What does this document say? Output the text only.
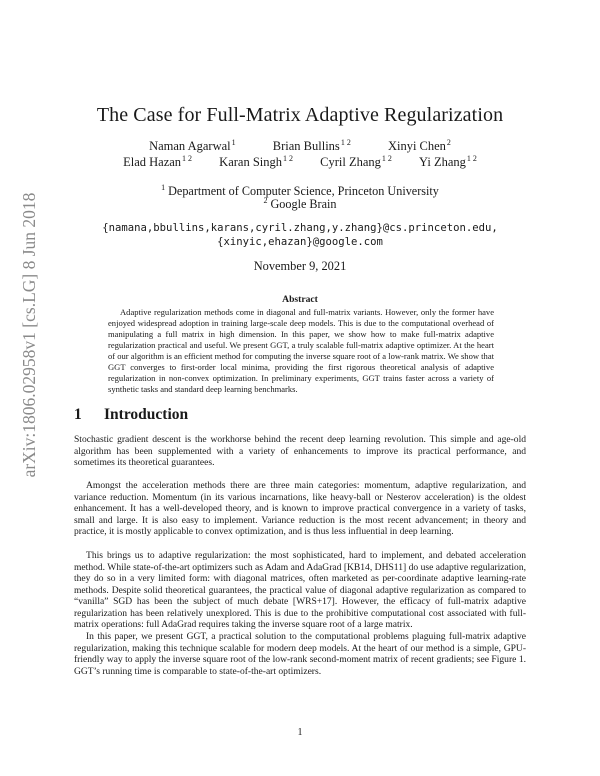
arXiv:1806.02958v1 [cs.LG] 8 Jun 2018
The Case for Full-Matrix Adaptive Regularization
Naman Agarwal$^1$	Brian Bullins$^{1 2}$	Xinyi Chen$^2$
Elad Hazan$^{1 2}$ Karan Singh$^{1 2}$ Cyril Zhang$^{1 2}$ Yi Zhang$^{1 2}$
$^1$ Department of Computer Science, Princeton University
$^2$ Google Brain
{namana,bbullins,karans,cyril.zhang,y.zhang}@cs.princeton.edu,
{xinyic,ehazan}@google.com
November 9, 2021
Abstract

Adaptive regularization methods come in diagonal and full-matrix variants. However, only the former have enjoyed widespread adoption in training large-scale deep models. This is due to the computational overhead of manipulating a full matrix in high dimension. In this paper, we show how to make full-matrix adaptive regularization practical and useful. We present GGT, a truly scalable full-matrix adaptive optimizer. At the heart of our algorithm is an efficient method for computing the inverse square root of a low-rank matrix. We show that GGT converges to first-order local minima, providing the first rigorous theoretical analysis of adaptive regularization in non-convex optimization. In preliminary experiments, GGT trains faster across a variety of synthetic tasks and standard deep learning benchmarks.

1 Introduction

Stochastic gradient descent is the workhorse behind the recent deep learning revolution. This simple and age-old algorithm has been supplemented with a variety of enhancements to improve its practical performance, and sometimes its theoretical guarantees.

Amongst the acceleration methods there are three main categories: momentum, adaptive regularization, and variance reduction. Momentum (in its various incarnations, like heavy-ball or Nesterov acceleration) is the oldest enhancement. It has a well-developed theory, and is known to improve practical convergence in a variety of tasks, small and large. It is also easy to implement. Variance reduction is the most recent advancement; in theory and practice, it is mostly applicable to convex optimization, and is thus less influential in deep learning.

This brings us to adaptive regularization: the most sophisticated, hard to implement, and debated acceleration method. While state-of-the-art optimizers such as Adam and AdaGrad [KB14, DHS11] do use adaptive regularization, they do so in a very limited form: with diagonal matrices, often marketed as per-coordinate adaptive learning-rate methods. Despite solid theoretical guarantees, the practical value of diagonal adaptive regularization as compared to “vanilla” SGD has been the subject of much debate [WRS+17]. However, the efficacy of full-matrix adaptive regularization has been relatively unexplored. This is due to the prohibitive computational cost associated with full-matrix operations: full AdaGrad requires taking the inverse square root of a large matrix.

In this paper, we present GGT, a practical solution to the computational problems plaguing full-matrix adaptive regularization, making this technique scalable for modern deep models. At the heart of our method is a simple, GPU-friendly way to apply the inverse square root of the low-rank second-moment matrix of recent gradients; see Figure 1. GGT’s running time is comparable to state-of-the-art optimizers.

1
